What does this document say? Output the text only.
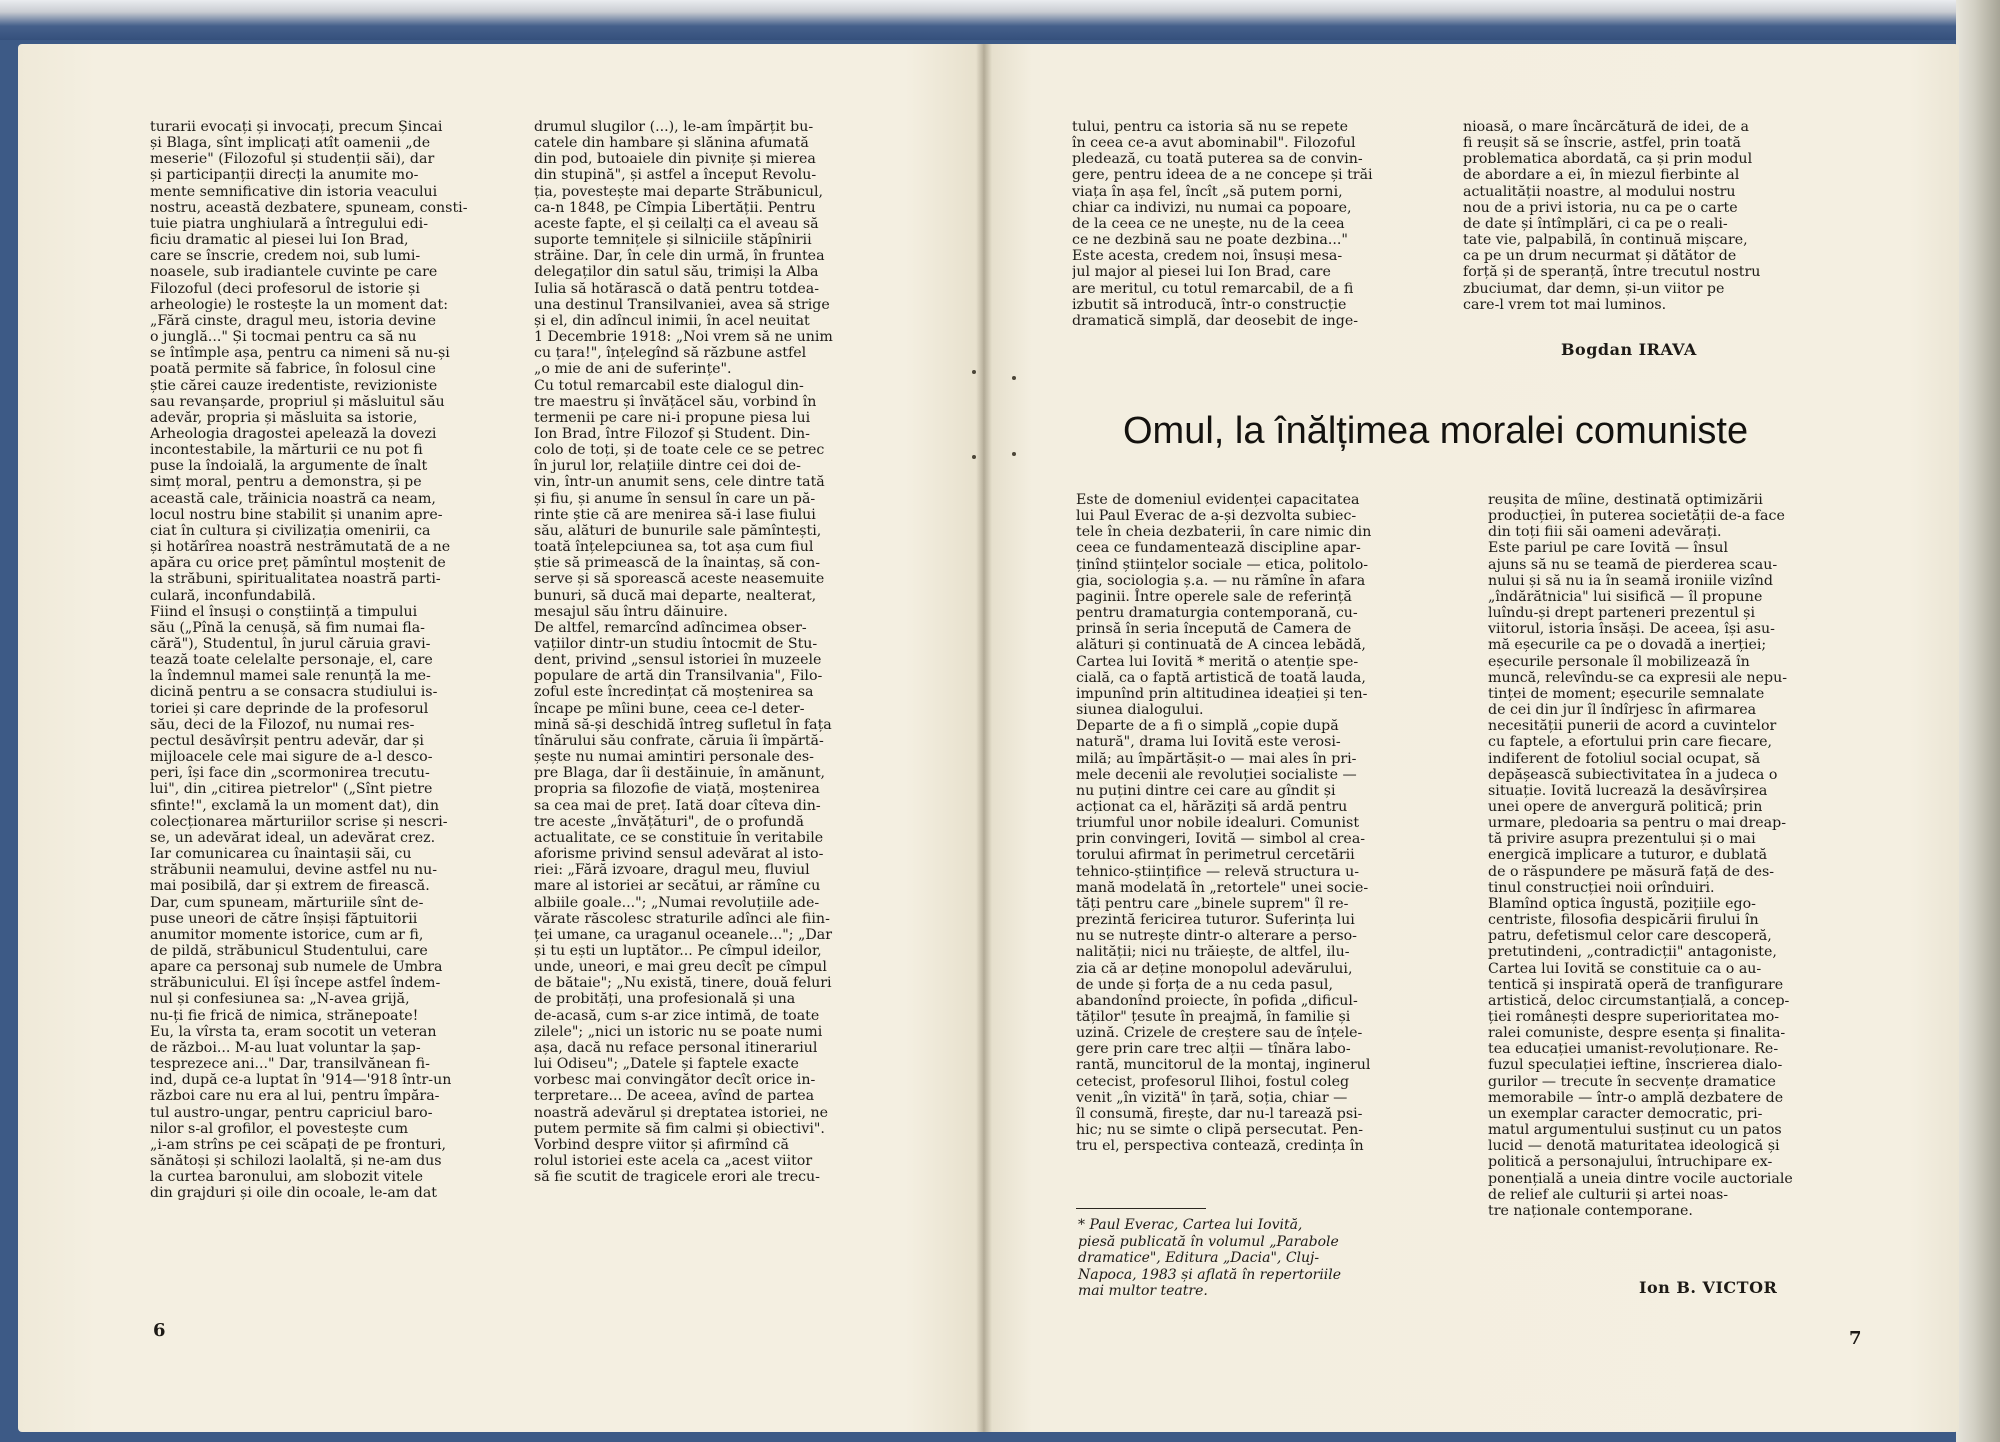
turarii evocați și invocați, precum Șincai
și Blaga, sînt implicați atît oamenii „de
meserie" (Filozoful și studenții săi), dar
și participanții direcți la anumite mo-
mente semnificative din istoria veacului
nostru, această dezbatere, spuneam, consti-
tuie piatra unghiulară a întregului edi-
ficiu dramatic al piesei lui Ion Brad,
care se înscrie, credem noi, sub lumi-
noasele, sub iradiantele cuvinte pe care
Filozoful (deci profesorul de istorie și
arheologie) le rostește la un moment dat:
„Fără cinste, dragul meu, istoria devine
o junglă..." Și tocmai pentru ca să nu
se întîmple așa, pentru ca nimeni să nu-și
poată permite să fabrice, în folosul cine
știe cărei cauze iredentiste, revizioniste
sau revanșarde, propriul și măsluitul său
adevăr, propria și măsluita sa istorie,
Arheologia dragostei apelează la dovezi
incontestabile, la mărturii ce nu pot fi
puse la îndoială, la argumente de înalt
simț moral, pentru a demonstra, și pe
această cale, trăinicia noastră ca neam,
locul nostru bine stabilit și unanim apre-
ciat în cultura și civilizația omenirii, ca
și hotărîrea noastră nestrămutată de a ne
apăra cu orice preț pămîntul moștenit de
la străbuni, spiritualitatea noastră parti-
culară, inconfundabilă.
Fiind el însuși o conștiință a timpului
său („Pînă la cenușă, să fim numai fla-
cără"), Studentul, în jurul căruia gravi-
tează toate celelalte personaje, el, care
la îndemnul mamei sale renunță la me-
dicină pentru a se consacra studiului is-
toriei și care deprinde de la profesorul
său, deci de la Filozof, nu numai res-
pectul desăvîrșit pentru adevăr, dar și
mijloacele cele mai sigure de a-l desco-
peri, își face din „scormonirea trecutu-
lui", din „citirea pietrelor" („Sînt pietre
sfinte!", exclamă la un moment dat), din
colecționarea mărturiilor scrise și nescri-
se, un adevărat ideal, un adevărat crez.
Iar comunicarea cu înaintașii săi, cu
străbunii neamului, devine astfel nu nu-
mai posibilă, dar și extrem de firească.
Dar, cum spuneam, mărturiile sînt de-
puse uneori de către înșiși făptuitorii
anumitor momente istorice, cum ar fi,
de pildă, străbunicul Studentului, care
apare ca personaj sub numele de Umbra
străbunicului. El își începe astfel îndem-
nul și confesiunea sa: „N-avea grijă,
nu-ți fie frică de nimica, strănepoate!
Eu, la vîrsta ta, eram socotit un veteran
de război... M-au luat voluntar la șap-
tesprezece ani..." Dar, transilvănean fi-
ind, după ce-a luptat în '914—'918 într-un
război care nu era al lui, pentru împăra-
tul austro-ungar, pentru capriciul baro-
nilor s-al grofilor, el povestește cum
„i-am strîns pe cei scăpați de pe fronturi,
sănătoși și schilozi laolaltă, și ne-am dus
la curtea baronului, am slobozit vitele
din grajduri și oile din ocoale, le-am dat
drumul slugilor (...), le-am împărțit bu-
catele din hambare și slănina afumată
din pod, butoaiele din pivnițe și mierea
din stupină", și astfel a început Revolu-
ția, povestește mai departe Străbunicul,
ca-n 1848, pe Cîmpia Libertății. Pentru
aceste fapte, el și ceilalți ca el aveau să
suporte temnițele și silniciile stăpînirii
străine. Dar, în cele din urmă, în fruntea
delegaților din satul său, trimiși la Alba
Iulia să hotărască o dată pentru totdea-
una destinul Transilvaniei, avea să strige
și el, din adîncul inimii, în acel neuitat
1 Decembrie 1918: „Noi vrem să ne unim
cu țara!", înțelegînd să răzbune astfel
„o mie de ani de suferințe".
Cu totul remarcabil este dialogul din-
tre maestru și învățăcel său, vorbind în
termenii pe care ni-i propune piesa lui
Ion Brad, între Filozof și Student. Din-
colo de toți, și de toate cele ce se petrec
în jurul lor, relațiile dintre cei doi de-
vin, într-un anumit sens, cele dintre tată
și fiu, și anume în sensul în care un pă-
rinte știe că are menirea să-i lase fiului
său, alături de bunurile sale pămîntești,
toată înțelepciunea sa, tot așa cum fiul
știe să primească de la înaintaș, să con-
serve și să sporească aceste neasemuite
bunuri, să ducă mai departe, nealterat,
mesajul său întru dăinuire.
De altfel, remarcînd adîncimea obser-
vațiilor dintr-un studiu întocmit de Stu-
dent, privind „sensul istoriei în muzeele
populare de artă din Transilvania", Filo-
zoful este încredințat că moștenirea sa
încape pe mîini bune, ceea ce-l deter-
mină să-și deschidă întreg sufletul în fața
tînărului său confrate, căruia îi împărtă-
șește nu numai amintiri personale des-
pre Blaga, dar îi destăinuie, în amănunt,
propria sa filozofie de viață, moștenirea
sa cea mai de preț. Iată doar cîteva din-
tre aceste „învățături", de o profundă
actualitate, ce se constituie în veritabile
aforisme privind sensul adevărat al isto-
riei: „Fără izvoare, dragul meu, fluviul
mare al istoriei ar secătui, ar rămîne cu
albiile goale..."; „Numai revoluțiile ade-
vărate răscolesc straturile adînci ale fiin-
ței umane, ca uraganul oceanele..."; „Dar
și tu ești un luptător... Pe cîmpul ideilor,
unde, uneori, e mai greu decît pe cîmpul
de bătaie"; „Nu există, tinere, două feluri
de probități, una profesională și una
de-acasă, cum s-ar zice intimă, de toate
zilele"; „nici un istoric nu se poate numi
așa, dacă nu reface personal itinerariul
lui Odiseu"; „Datele și faptele exacte
vorbesc mai convingător decît orice in-
terpretare... De aceea, avînd de partea
noastră adevărul și dreptatea istoriei, ne
putem permite să fim calmi și obiectivi".
Vorbind despre viitor și afirmînd că
rolul istoriei este acela ca „acest viitor
să fie scutit de tragicele erori ale trecu-
6
tului, pentru ca istoria să nu se repete
în ceea ce-a avut abominabil". Filozoful
pledează, cu toată puterea sa de convin-
gere, pentru ideea de a ne concepe și trăi
viața în așa fel, încît „să putem porni,
chiar ca indivizi, nu numai ca popoare,
de la ceea ce ne unește, nu de la ceea
ce ne dezbină sau ne poate dezbina..."
Este acesta, credem noi, însuși mesa-
jul major al piesei lui Ion Brad, care
are meritul, cu totul remarcabil, de a fi
izbutit să introducă, într-o construcție
dramatică simplă, dar deosebit de inge-
nioasă, o mare încărcătură de idei, de a
fi reușit să se înscrie, astfel, prin toată
problematica abordată, ca și prin modul
de abordare a ei, în miezul fierbinte al
actualității noastre, al modului nostru
nou de a privi istoria, nu ca pe o carte
de date și întîmplări, ci ca pe o reali-
tate vie, palpabilă, în continuă mișcare,
ca pe un drum necurmat și dătător de
forță și de speranță, între trecutul nostru
zbuciumat, dar demn, și-un viitor pe
care-l vrem tot mai luminos.
Bogdan IRAVA
Omul, la înălțimea moralei comuniste
Este de domeniul evidenței capacitatea
lui Paul Everac de a-și dezvolta subiec-
tele în cheia dezbaterii, în care nimic din
ceea ce fundamentează discipline apar-
ținînd științelor sociale — etica, politolo-
gia, sociologia ș.a. — nu rămîne în afara
paginii. Între operele sale de referință
pentru dramaturgia contemporană, cu-
prinsă în seria începută de Camera de
alături și continuată de A cincea lebădă,
Cartea lui Iovită * merită o atenție spe-
cială, ca o faptă artistică de toată lauda,
impunînd prin altitudinea ideației și ten-
siunea dialogului.
Departe de a fi o simplă „copie după
natură", drama lui Iovită este verosi-
milă; au împărtășit-o — mai ales în pri-
mele decenii ale revoluției socialiste —
nu puțini dintre cei care au gîndit și
acționat ca el, hărăziți să ardă pentru
triumful unor nobile idealuri. Comunist
prin convingeri, Iovită — simbol al crea-
torului afirmat în perimetrul cercetării
tehnico-științifice — relevă structura u-
mană modelată în „retortele" unei socie-
tăți pentru care „binele suprem" îl re-
prezintă fericirea tuturor. Suferința lui
nu se nutrește dintr-o alterare a perso-
nalității; nici nu trăiește, de altfel, ilu-
zia că ar deține monopolul adevărului,
de unde și forța de a nu ceda pasul,
abandonînd proiecte, în pofida „dificul-
tăților" țesute în preajmă, în familie și
uzină. Crizele de creștere sau de înțele-
gere prin care trec alții — tînăra labo-
rantă, muncitorul de la montaj, inginerul
cetecist, profesorul Ilihoi, fostul coleg
venit „în vizită" în țară, soția, chiar —
îl consumă, firește, dar nu-l tarează psi-
hic; nu se simte o clipă persecutat. Pen-
tru el, perspectiva contează, credința în
reușita de mîine, destinată optimizării
producției, în puterea societății de-a face
din toți fiii săi oameni adevărați.
Este pariul pe care Iovită — însul
ajuns să nu se teamă de pierderea scau-
nului și să nu ia în seamă ironiile vizînd
„îndărătnicia" lui sisifică — îl propune
luîndu-și drept parteneri prezentul și
viitorul, istoria însăși. De aceea, își asu-
mă eșecurile ca pe o dovadă a inerției;
eșecurile personale îl mobilizează în
muncă, relevîndu-se ca expresii ale nepu-
tinței de moment; eșecurile semnalate
de cei din jur îl îndîrjesc în afirmarea
necesității punerii de acord a cuvintelor
cu faptele, a efortului prin care fiecare,
indiferent de fotoliul social ocupat, să
depășească subiectivitatea în a judeca o
situație. Iovită lucrează la desăvîrșirea
unei opere de anvergură politică; prin
urmare, pledoaria sa pentru o mai dreap-
tă privire asupra prezentului și o mai
energică implicare a tuturor, e dublată
de o răspundere pe măsură față de des-
tinul construcției noii orînduiri.
Blamînd optica îngustă, pozițiile ego-
centriste, filosofia despicării firului în
patru, defetismul celor care descoperă,
pretutindeni, „contradicții" antagoniste,
Cartea lui Iovită se constituie ca o au-
tentică și inspirată operă de tranfigurare
artistică, deloc circumstanțială, a concep-
ției românești despre superioritatea mo-
ralei comuniste, despre esența și finalita-
tea educației umanist-revoluționare. Re-
fuzul speculației ieftine, înscrierea dialo-
gurilor — trecute în secvențe dramatice
memorabile — într-o amplă dezbatere de
un exemplar caracter democratic, pri-
matul argumentului susținut cu un patos
lucid — denotă maturitatea ideologică și
politică a personajului, întruchipare ex-
ponențială a uneia dintre vocile auctoriale
de relief ale culturii și artei noas-
tre naționale contemporane.
* Paul Everac, Cartea lui Iovită,
piesă publicată în volumul „Parabole
dramatice", Editura „Dacia", Cluj-
Napoca, 1983 și aflată în repertoriile
mai multor teatre.	Ion B. VICTOR
7
